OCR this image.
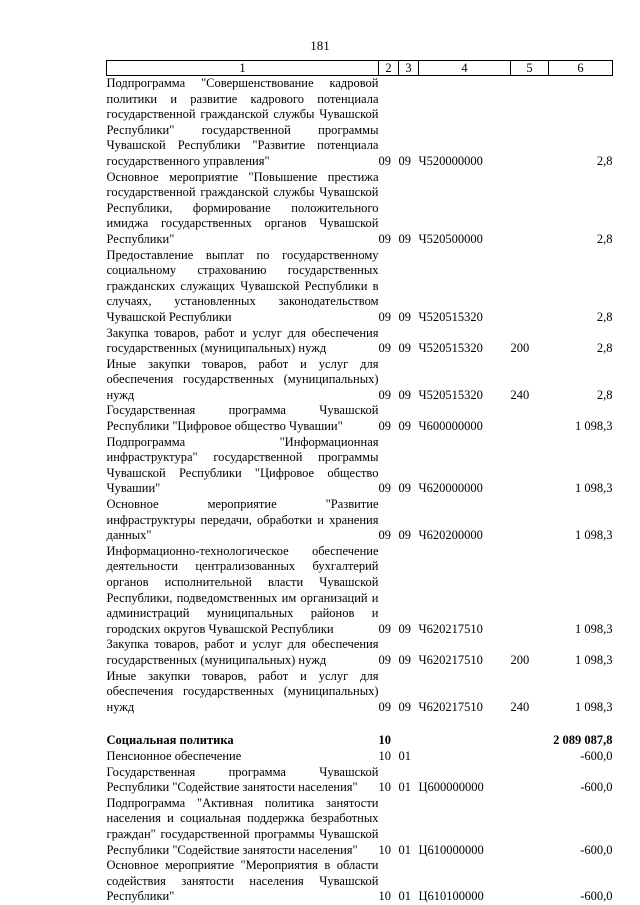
181
1	2	3	4	5	6
Подпрограмма "Совершенствование кадровой политики и развитие кадрового потенциала государственной гражданской службы Чувашской Республики" государственной программы Чувашской Республики "Развитие потенциала государственного управления"	09	09	Ч520000000		2,8
Основное мероприятие "Повышение престижа государственной гражданской службы Чувашской Республики, формирование положительного имиджа государственных органов Чувашской Республики"	09	09	Ч520500000		2,8
Предоставление выплат по государственному социальному страхованию государственных гражданских служащих Чувашской Республики в случаях, установленных законодательством Чувашской Республики	09	09	Ч520515320		2,8
Закупка товаров, работ и услуг для обеспечения государственных (муниципальных) нужд	09	09	Ч520515320	200	2,8
Иные закупки товаров, работ и услуг для обеспечения государственных (муниципальных) нужд	09	09	Ч520515320	240	2,8
Государственная программа Чувашской Республики "Цифровое общество Чувашии"	09	09	Ч600000000		1 098,3
Подпрограмма "Информационная инфраструктура" государственной программы Чувашской Республики "Цифровое общество Чувашии"	09	09	Ч620000000		1 098,3
Основное мероприятие "Развитие инфраструктуры передачи, обработки и хранения данных"	09	09	Ч620200000		1 098,3
Информационно-технологическое обеспечение деятельности централизованных бухгалтерий органов исполнительной власти Чувашской Республики, подведомственных им организаций и администраций муниципальных районов и городских округов Чувашской Республики	09	09	Ч620217510		1 098,3
Закупка товаров, работ и услуг для обеспечения государственных (муниципальных) нужд	09	09	Ч620217510	200	1 098,3
Иные закупки товаров, работ и услуг для обеспечения государственных (муниципальных) нужд	09	09	Ч620217510	240	1 098,3

Социальная политика	10				2 089 087,8
Пенсионное обеспечение	10	01			-600,0
Государственная программа Чувашской Республики "Содействие занятости населения"	10	01	Ц600000000		-600,0
Подпрограмма "Активная политика занятости населения и социальная поддержка безработных граждан" государственной программы Чувашской Республики "Содействие занятости населения"	10	01	Ц610000000		-600,0
Основное мероприятие "Мероприятия в области содействия занятости населения Чувашской Республики"	10	01	Ц610100000		-600,0
